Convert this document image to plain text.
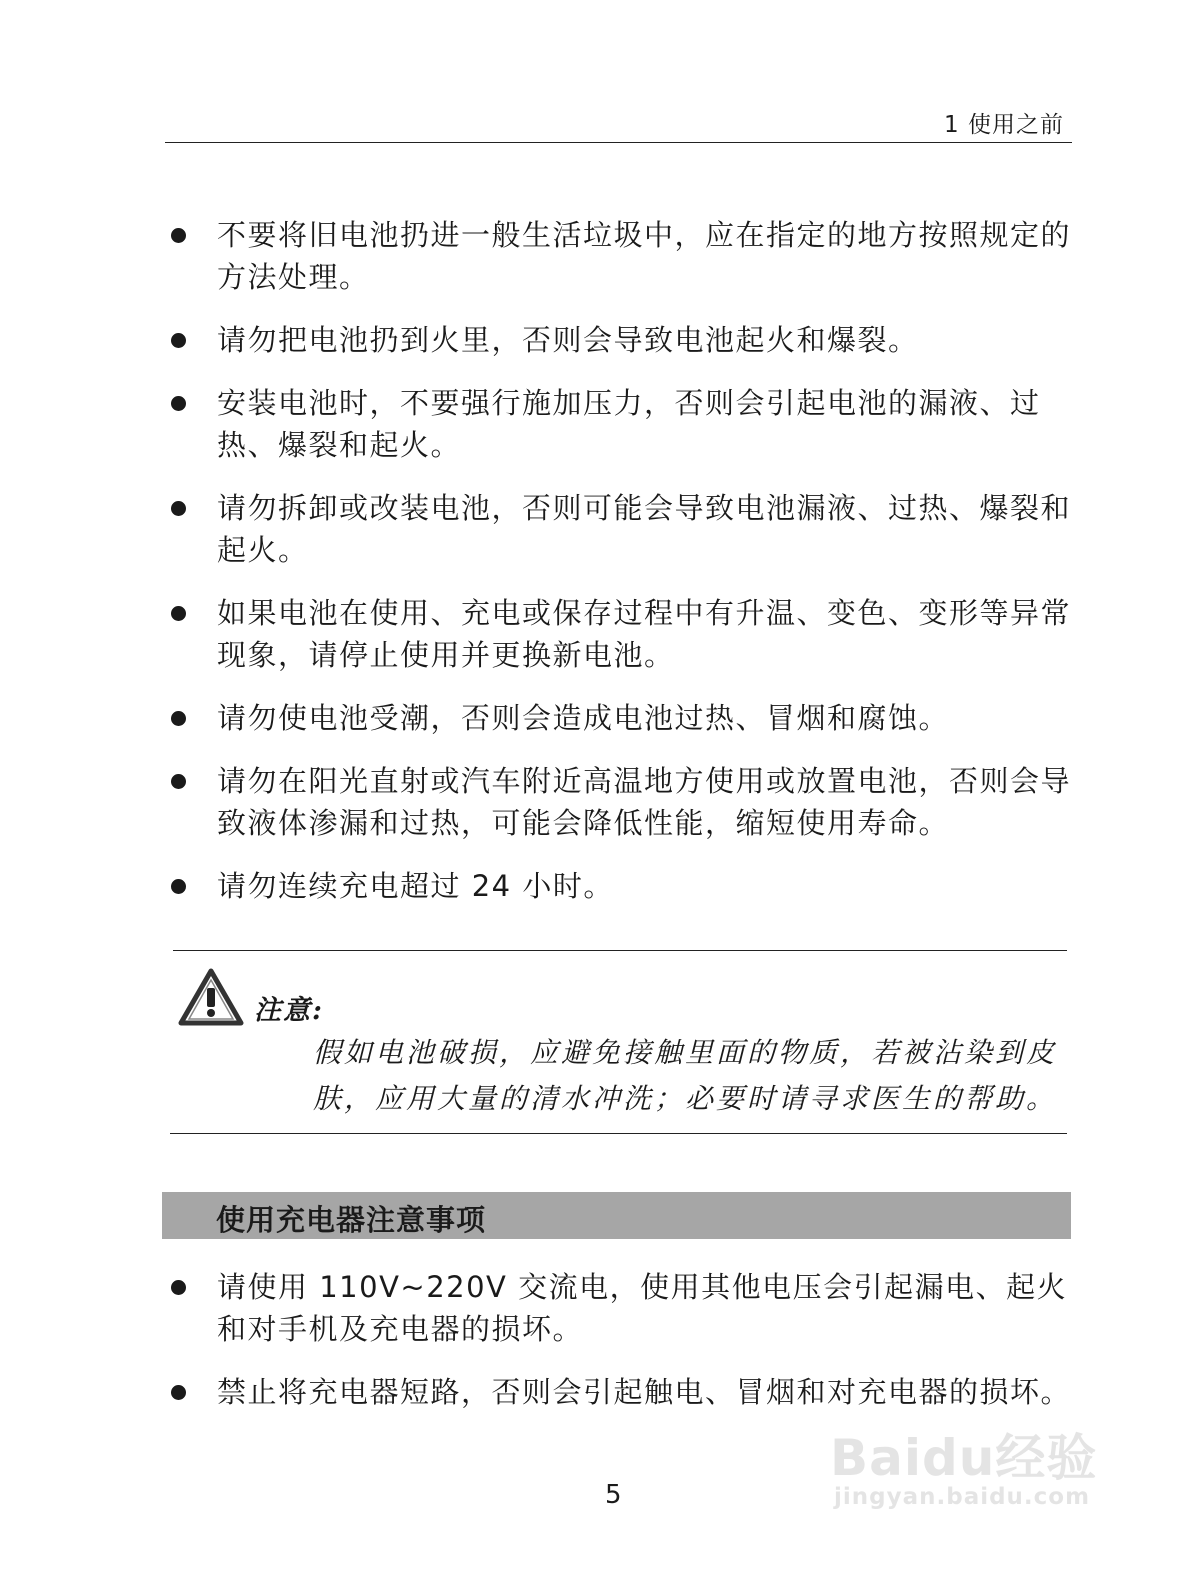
1 使用之前
不要将旧电池扔进一般生活垃圾中，应在指定的地方按照规定的方法处理。
请勿把电池扔到火里，否则会导致电池起火和爆裂。
安装电池时，不要强行施加压力，否则会引起电池的漏液、过热、爆裂和起火。
请勿拆卸或改装电池，否则可能会导致电池漏液、过热、爆裂和起火。
如果电池在使用、充电或保存过程中有升温、变色、变形等异常现象，请停止使用并更换新电池。
请勿使电池受潮，否则会造成电池过热、冒烟和腐蚀。
请勿在阳光直射或汽车附近高温地方使用或放置电池，否则会导致液体渗漏和过热，可能会降低性能，缩短使用寿命。
请勿连续充电超过 24 小时。
注意:
假如电池破损，应避免接触里面的物质，若被沾染到皮肤，应用大量的清水冲洗；必要时请寻求医生的帮助。
使用充电器注意事项
请使用 110V~220V 交流电，使用其他电压会引起漏电、起火和对手机及充电器的损坏。
禁止将充电器短路，否则会引起触电、冒烟和对充电器的损坏。
5
Baidu经验
jingyan.baidu.com
